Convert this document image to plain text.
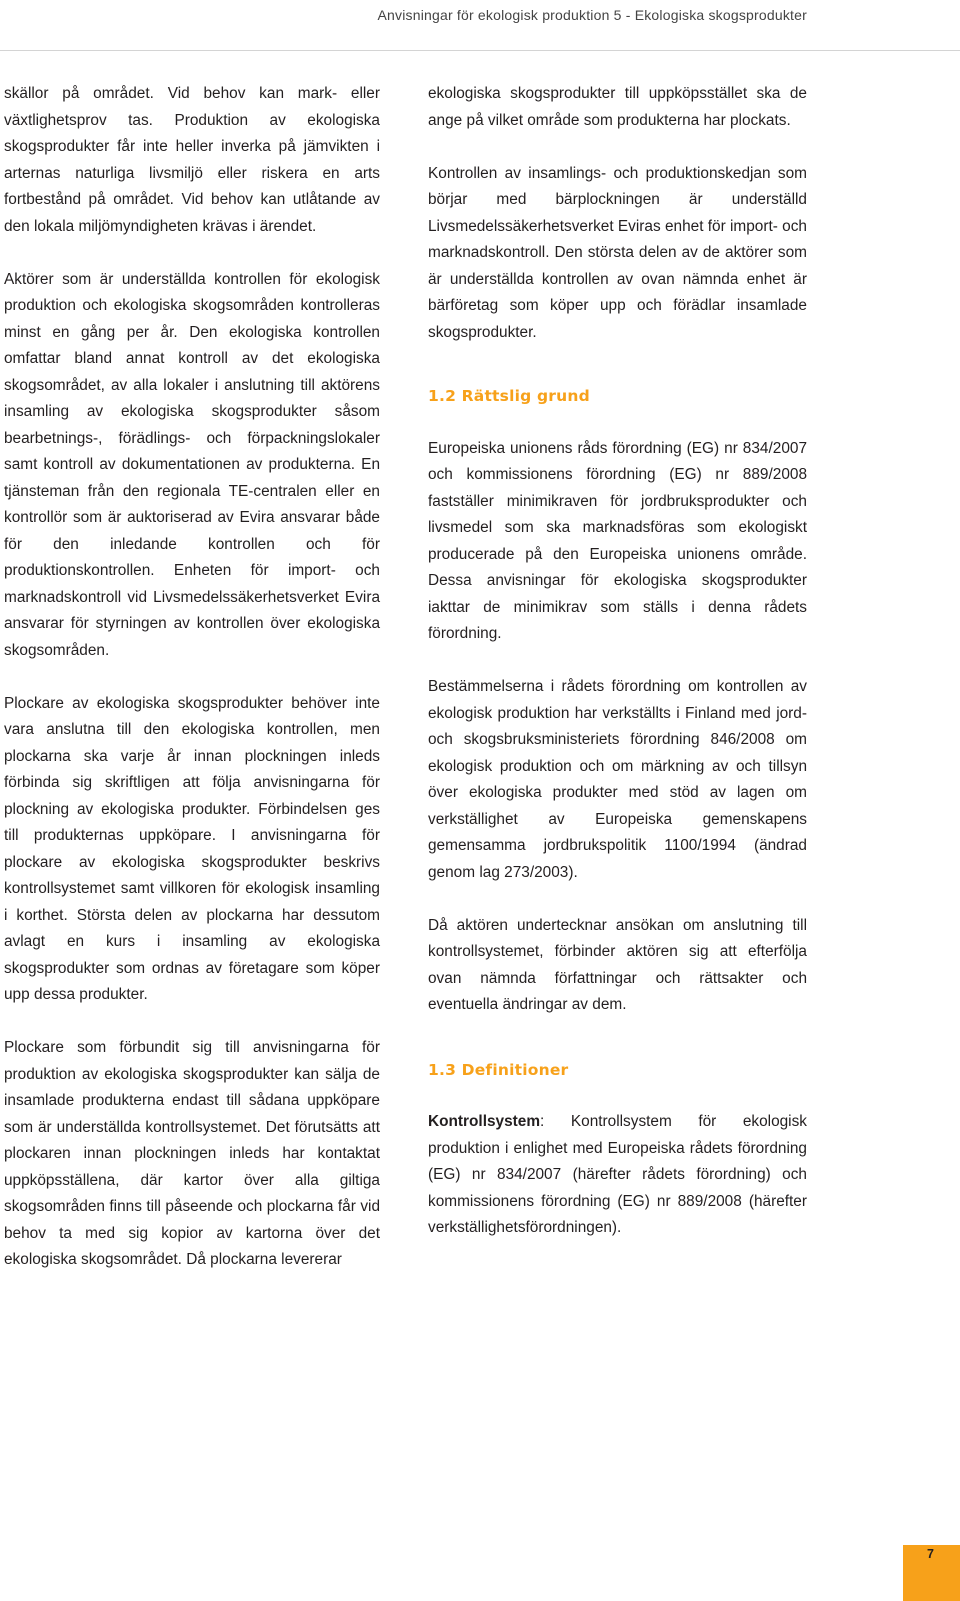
Anvisningar för ekologisk produktion 5 - Ekologiska skogsprodukter

skällor på området. Vid behov kan mark- eller växtlighetsprov tas. Produktion av ekologiska skogsprodukter får inte heller inverka på jämvikten i arternas naturliga livsmiljö eller riskera en arts fortbestånd på området. Vid behov kan utlåtande av den lokala miljömyndigheten krävas i ärendet.

Aktörer som är underställda kontrollen för ekologisk produktion och ekologiska skogsområden kontrolleras minst en gång per år. Den ekologiska kontrollen omfattar bland annat kontroll av det ekologiska skogsområdet, av alla lokaler i anslutning till aktörens insamling av ekologiska skogsprodukter såsom bearbetnings-, förädlings- och förpackningslokaler samt kontroll av dokumentationen av produkterna. En tjänsteman från den regionala TE-centralen eller en kontrollör som är auktoriserad av Evira ansvarar både för den inledande kontrollen och för produktionskontrollen. Enheten för import- och marknadskontroll vid Livsmedelssäkerhetsverket Evira ansvarar för styrningen av kontrollen över ekologiska skogsområden.

Plockare av ekologiska skogsprodukter behöver inte vara anslutna till den ekologiska kontrollen, men plockarna ska varje år innan plockningen inleds förbinda sig skriftligen att följa anvisningarna för plockning av ekologiska produkter. Förbindelsen ges till produkternas uppköpare. I anvisningarna för plockare av ekologiska skogsprodukter beskrivs kontrollsystemet samt villkoren för ekologisk insamling i korthet. Största delen av plockarna har dessutom avlagt en kurs i insamling av ekologiska skogsprodukter som ordnas av företagare som köper upp dessa produkter.

Plockare som förbundit sig till anvisningarna för produktion av ekologiska skogsprodukter kan sälja de insamlade produkterna endast till sådana uppköpare som är underställda kontrollsystemet. Det förutsätts att plockaren innan plockningen inleds har kontaktat uppköpsställena, där kartor över alla giltiga skogsområden finns till påseende och plockarna får vid behov ta med sig kopior av kartorna över det ekologiska skogsområdet. Då plockarna levererar

ekologiska skogsprodukter till uppköpsstället ska de ange på vilket område som produkterna har plockats.

Kontrollen av insamlings- och produktionskedjan som börjar med bärplockningen är underställd Livsmedelssäkerhetsverket Eviras enhet för import- och marknadskontroll. Den största delen av de aktörer som är underställda kontrollen av ovan nämnda enhet är bärföretag som köper upp och förädlar insamlade skogsprodukter.

1.2 Rättslig grund

Europeiska unionens råds förordning (EG) nr 834/2007 och kommissionens förordning (EG) nr 889/2008 fastställer minimikraven för jordbruksprodukter och livsmedel som ska marknadsföras som ekologiskt producerade på den Europeiska unionens område. Dessa anvisningar för ekologiska skogsprodukter iakttar de minimikrav som ställs i denna rådets förordning.

Bestämmelserna i rådets förordning om kontrollen av ekologisk produktion har verkställts i Finland med jord- och skogsbruksministeriets förordning 846/2008 om ekologisk produktion och om märkning av och tillsyn över ekologiska produkter med stöd av lagen om verkställighet av Europeiska gemenskapens gemensamma jordbrukspolitik 1100/1994 (ändrad genom lag 273/2003).

Då aktören undertecknar ansökan om anslutning till kontrollsystemet, förbinder aktören sig att efterfölja ovan nämnda författningar och rättsakter och eventuella ändringar av dem.

1.3 Definitioner

Kontrollsystem: Kontrollsystem för ekologisk produktion i enlighet med Europeiska rådets förordning (EG) nr 834/2007 (härefter rådets förordning) och kommissionens förordning (EG) nr 889/2008 (härefter verkställighetsförordningen).

7
